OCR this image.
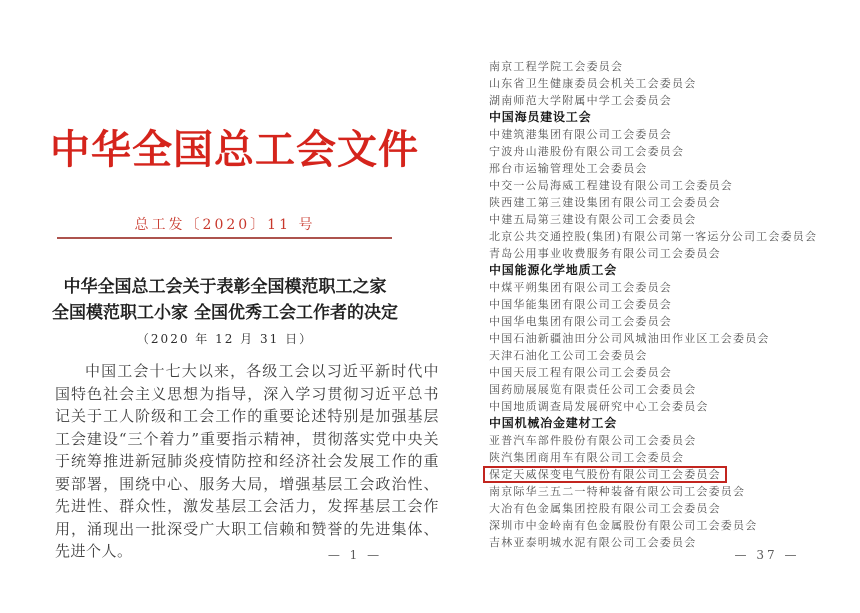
中华全国总工会文件
总工发〔2020〕11 号
中华全国总工会关于表彰全国模范职工之家
全国模范职工小家 全国优秀工会工作者的决定
（2020 年 12 月 31 日）
中国工会十七大以来，各级工会以习近平新时代中国特色社会主义思想为指导，深入学习贯彻习近平总书记关于工人阶级和工会工作的重要论述特别是加强基层工会建设“三个着力”重要指示精神，贯彻落实党中央关于统筹推进新冠肺炎疫情防控和经济社会发展工作的重要部署，围绕中心、服务大局，增强基层工会政治性、先进性、群众性，激发基层工会活力，发挥基层工会作用，涌现出一批深受广大职工信赖和赞誉的先进集体、先进个人。	— 1 —
南京工程学院工会委员会
山东省卫生健康委员会机关工会委员会
湖南师范大学附属中学工会委员会
中国海员建设工会
中建筑港集团有限公司工会委员会
宁波舟山港股份有限公司工会委员会
邢台市运输管理处工会委员会
中交一公局海威工程建设有限公司工会委员会
陕西建工第三建设集团有限公司工会委员会
中建五局第三建设有限公司工会委员会
北京公共交通控股(集团)有限公司第一客运分公司工会委员会
青岛公用事业收费服务有限公司工会委员会
中国能源化学地质工会
中煤平朔集团有限公司工会委员会
中国华能集团有限公司工会委员会
中国华电集团有限公司工会委员会
中国石油新疆油田分公司风城油田作业区工会委员会
天津石油化工公司工会委员会
中国天辰工程有限公司工会委员会
国药励展展览有限责任公司工会委员会
中国地质调查局发展研究中心工会委员会
中国机械冶金建材工会
亚普汽车部件股份有限公司工会委员会
陕汽集团商用车有限公司工会委员会
保定天威保变电气股份有限公司工会委员会
南京际华三五二一特种装备有限公司工会委员会
大冶有色金属集团控股有限公司工会委员会
深圳市中金岭南有色金属股份有限公司工会委员会
吉林亚泰明城水泥有限公司工会委员会
— 37 —
